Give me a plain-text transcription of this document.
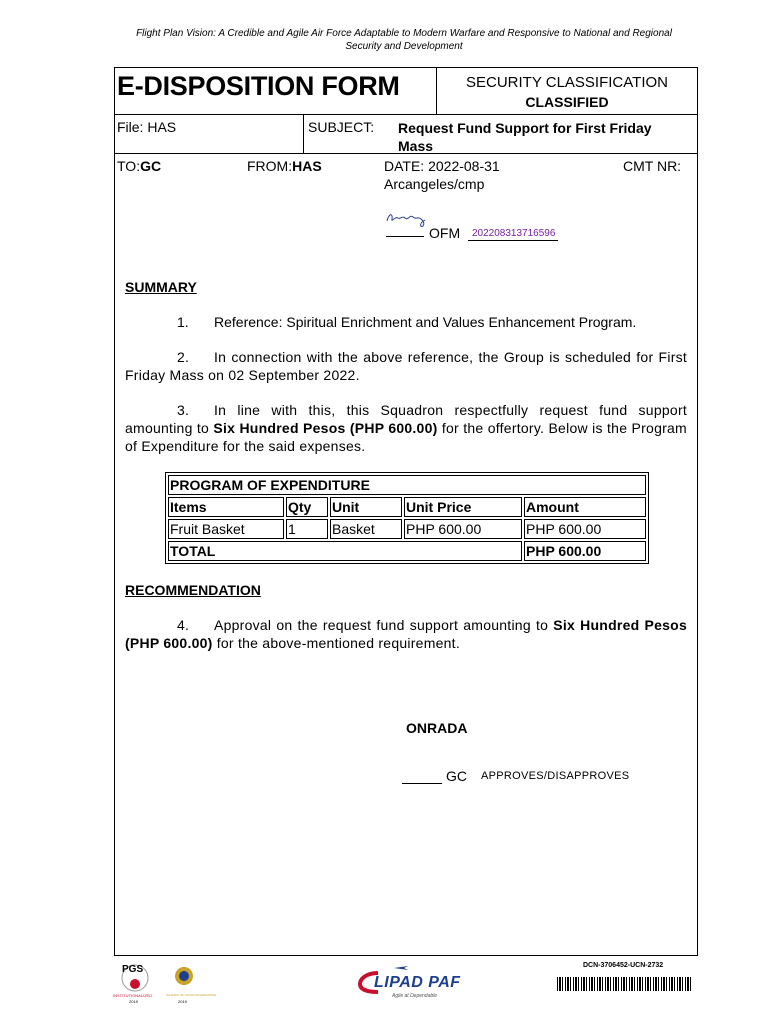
Flight Plan Vision: A Credible and Agile Air Force Adaptable to Modern Warfare and Responsive to National and Regional
Security and Development
E-DISPOSITION FORM	SECURITY CLASSIFICATION
CLASSIFIED
File: HAS	SUBJECT: Request Fund Support for First Friday
Mass
TO:GC	FROM:HAS	DATE: 2022-08-31	CMT NR:
Arcangeles/cmp
OFM	202208313716596
SUMMARY
1. Reference: Spiritual Enrichment and Values Enhancement Program.
2. In connection with the above reference, the Group is scheduled for First Friday Mass on 02 September 2022.
3. In line with this, this Squadron respectfully request fund support amounting to Six Hundred Pesos (PHP 600.00) for the offertory. Below is the Program of Expenditure for the said expenses.
PROGRAM OF EXPENDITURE				
Items	Qty	Unit	Unit Price	Amount
Fruit Basket	1	Basket	PHP 600.00	PHP 600.00
TOTAL				PHP 600.00
RECOMMENDATION
4. Approval on the request fund support amounting to Six Hundred Pesos (PHP 600.00) for the above-mentioned requirement.
ONRADA
GC APPROVES/DISAPPROVES
PGS
INSTITUTIONALIZED
2019
ISLANDS OF GOOD GOVERNANCE
2019
LIPAD PAF
Agile at Dependable
DCN-3706452-UCN-2732
